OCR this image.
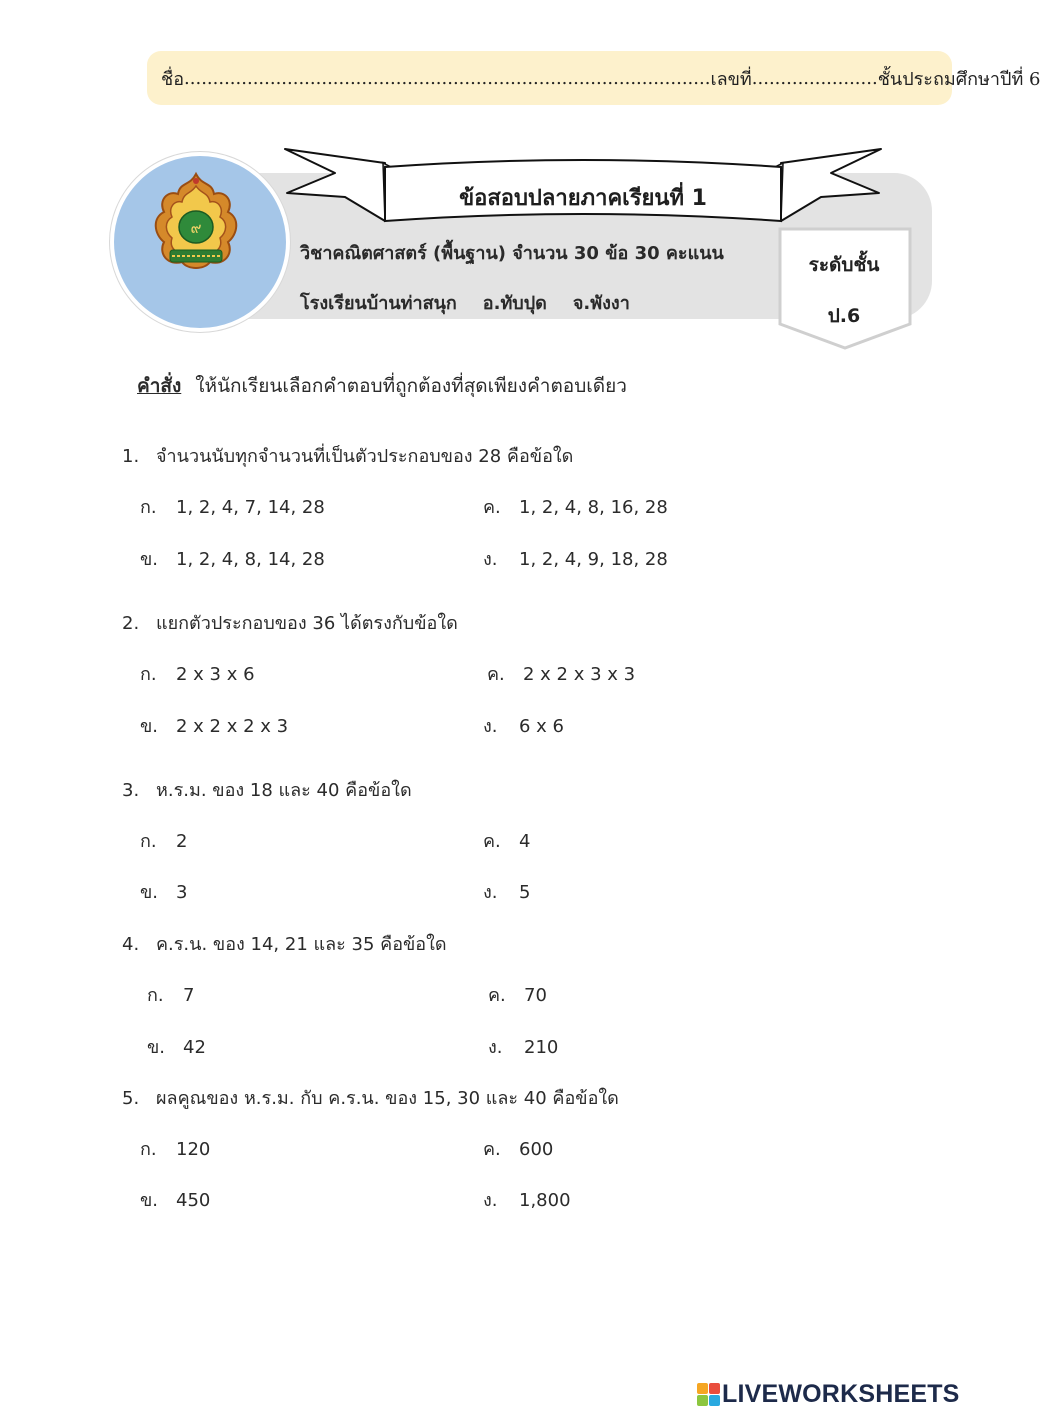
ชื่อ ............................................................................................ เลขที่ ...................... ชั้นประถมศึกษาปีที่ 6
๙
ข้อสอบปลายภาคเรียนที่ 1
วิชาคณิตศาสตร์ (พื้นฐาน) จำนวน 30 ข้อ 30 คะแนน
โรงเรียนบ้านท่าสนุก อ.ทับปุด จ.พังงา
ระดับชั้น
ป.6
คำสั่ง ให้นักเรียนเลือกคำตอบที่ถูกต้องที่สุดเพียงคำตอบเดียว
1. จำนวนนับทุกจำนวนที่เป็นตัวประกอบของ 28 คือข้อใด
ก. 1, 2, 4, 7, 14, 28
ข. 1, 2, 4, 8, 14, 28
ค. 1, 2, 4, 8, 16, 28
ง. 1, 2, 4, 9, 18, 28
2. แยกตัวประกอบของ 36 ได้ตรงกับข้อใด
ก. 2 x 3 x 6
ข. 2 x 2 x 2 x 3
ค. 2 x 2 x 3 x 3
ง. 6 x 6
3. ห.ร.ม. ของ 18 และ 40 คือข้อใด
ก. 2
ข. 3
ค. 4
ง. 5
4. ค.ร.น. ของ 14, 21 และ 35 คือข้อใด
ก. 7
ข. 42
ค. 70
ง. 210
5. ผลคูณของ ห.ร.ม. กับ ค.ร.น. ของ 15, 30 และ 40 คือข้อใด
ก. 120
ข. 450
ค. 600
ง. 1,800
LIVEWORKSHEETS
